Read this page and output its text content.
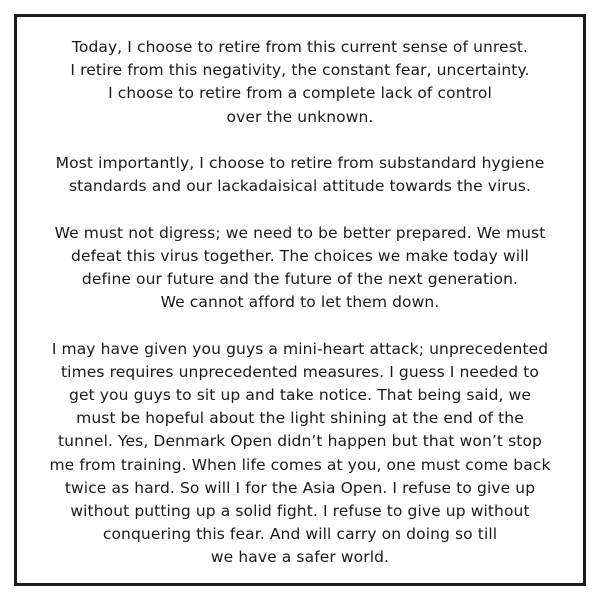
Today, I choose to retire from this current sense of unrest.
I retire from this negativity, the constant fear, uncertainty.
I choose to retire from a complete lack of control
over the unknown.

Most importantly, I choose to retire from substandard hygiene
standards and our lackadaisical attitude towards the virus.

We must not digress; we need to be better prepared. We must
defeat this virus together. The choices we make today will
define our future and the future of the next generation.
We cannot afford to let them down.

I may have given you guys a mini-heart attack; unprecedented
times requires unprecedented measures. I guess I needed to
get you guys to sit up and take notice. That being said, we
must be hopeful about the light shining at the end of the
tunnel. Yes, Denmark Open didn’t happen but that won’t stop
me from training. When life comes at you, one must come back
twice as hard. So will I for the Asia Open. I refuse to give up
without putting up a solid fight. I refuse to give up without
conquering this fear. And will carry on doing so till
we have a safer world.
